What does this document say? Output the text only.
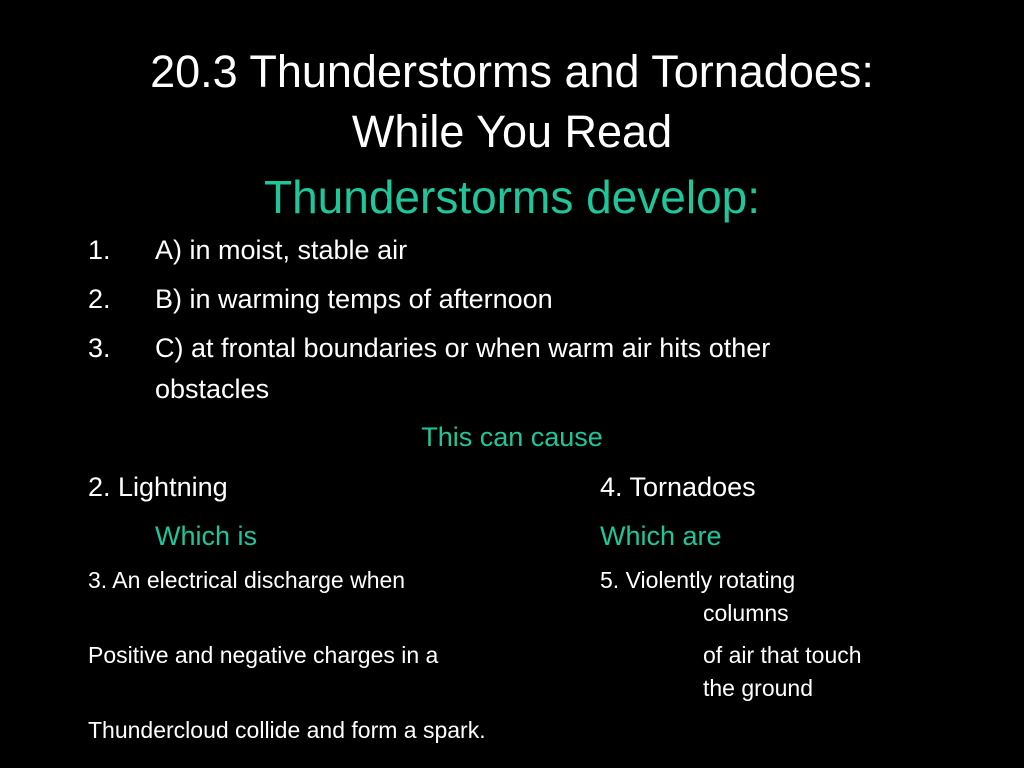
20.3 Thunderstorms and Tornadoes:
While You Read
Thunderstorms develop:
1. A) in moist, stable air
2. B) in warming temps of afternoon
3. C) at frontal boundaries or when warm air hits other
obstacles
This can cause
2. Lightning	4. Tornadoes
Which is	Which are
3. An electrical discharge when
Positive and negative charges in a
Thundercloud collide and form a spark.
5. Violently rotating
columns
of air that touch
the ground
